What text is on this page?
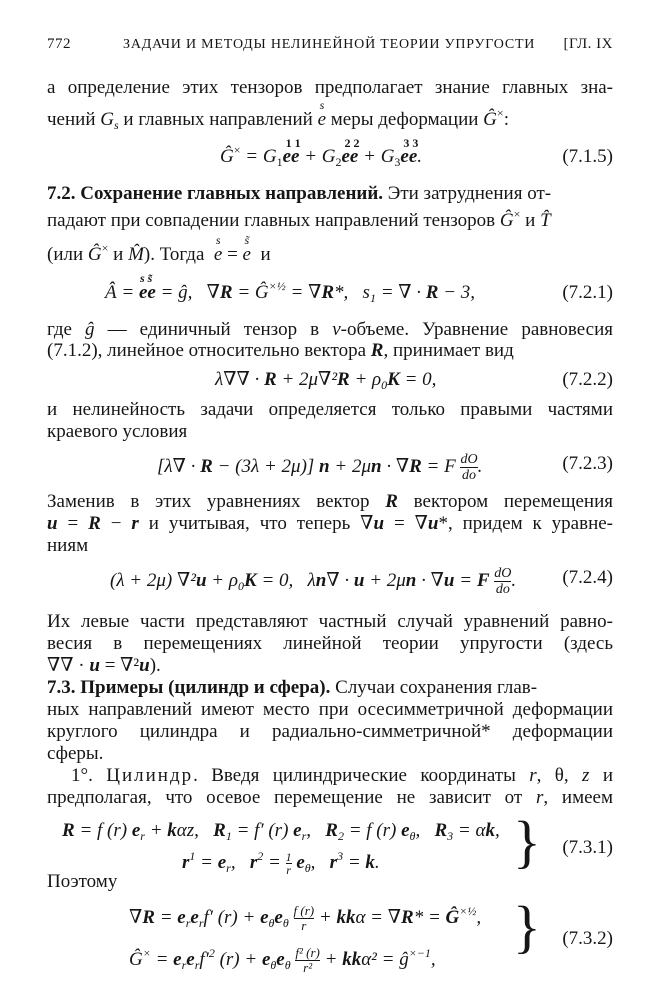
772	ЗАДАЧИ И МЕТОДЫ НЕЛИНЕЙНОЙ ТЕОРИИ УПРУГОСТИ [ГЛ. IX
а определение этих тензоров предполагает знание главных зна-
чений $G_s$ и главных направлений
s
e меры деформации Ĝ×:
Ĝ× = $G_1$
1 1
ee + $G_2$
2 2
ee + $G_3$
3 3
ee.	(7.1.5)
7.2. Сохранение главных направлений. Эти затруднения от-
падают при совпадении главных направлений тензоров Ĝ× и T̂
(или Ĝ× и M̂). Тогда
s
e =
s̃
e  и
Â =
s s̃
ee = ĝ,   $\nabla R = Ĝ^{\times\frac{1}{2}} = \nabla R*$,   $s_1$ = ∇ · R − 3,	(7.2.1)
где ĝ — единичный тензор в v-объеме. Уравнение равновесия
(7.1.2), линейное относительно вектора R, принимает вид
$\lambda\nabla\nabla \cdot R + 2\mu\nabla^2R + \rho_0K = 0$,	(7.2.2)
и нелинейность задачи определяется только правыми частями
краевого условия
[λ∇ · R − (3λ + 2μ)] n + 2μn · ∇R = F $\frac{dO}{do}$ .	(7.2.3)
Заменив в этих уравнениях вектор R вектором перемещения
u = R − r и учитывая, что теперь ∇u = ∇u*, придем к уравне-
ниям
(λ + 2μ) $\nabla^2u + \rho_0K = 0$,   λn∇ · u + 2μn · ∇u = F $\frac{dO}{do}$ . (7.2.4)
Их левые части представляют частный случай уравнений равно-
весия в перемещениях линейной теории упругости (здесь
∇∇ · u = ∇²u).
7.3. Примеры (цилиндр и сфера). Случаи сохранения глав-
ных направлений имеют место при осесимметричной деформации
круглого цилиндра и радиально-симметричной* деформации
сферы.
1°. Цилиндр. Введя цилиндрические координаты r, θ, z и
предполагая, что осевое перемещение не зависит от r, имеем
R = f (r) $e_r + k\alpha z$,   $R_1 = f'$ (r) $e_r$,   $R_2 = f$ (r) $e_\theta$,   $R_3 = \alpha k$,
$r^1 = e_r$,   $r^2 = \frac{1}{r} e_\theta$,   $r^3 = k$. } (7.3.1)
Поэтому
$\nabla R = e_re_rf'$ $(r) + e_\theta e_\theta \frac{f (r)}{r} + kk\alpha = \nabla R*$ = $Ĝ^{\times\frac{1}{2}}$,
Ĝ× = $e_re_rf'^2$ $(r) + e_\theta e_\theta \frac{\text{f² (r)}}{\text{r²}} + kk\alpha^2$ = $ĝ^{\times-1}$,
} (7.3.2)
